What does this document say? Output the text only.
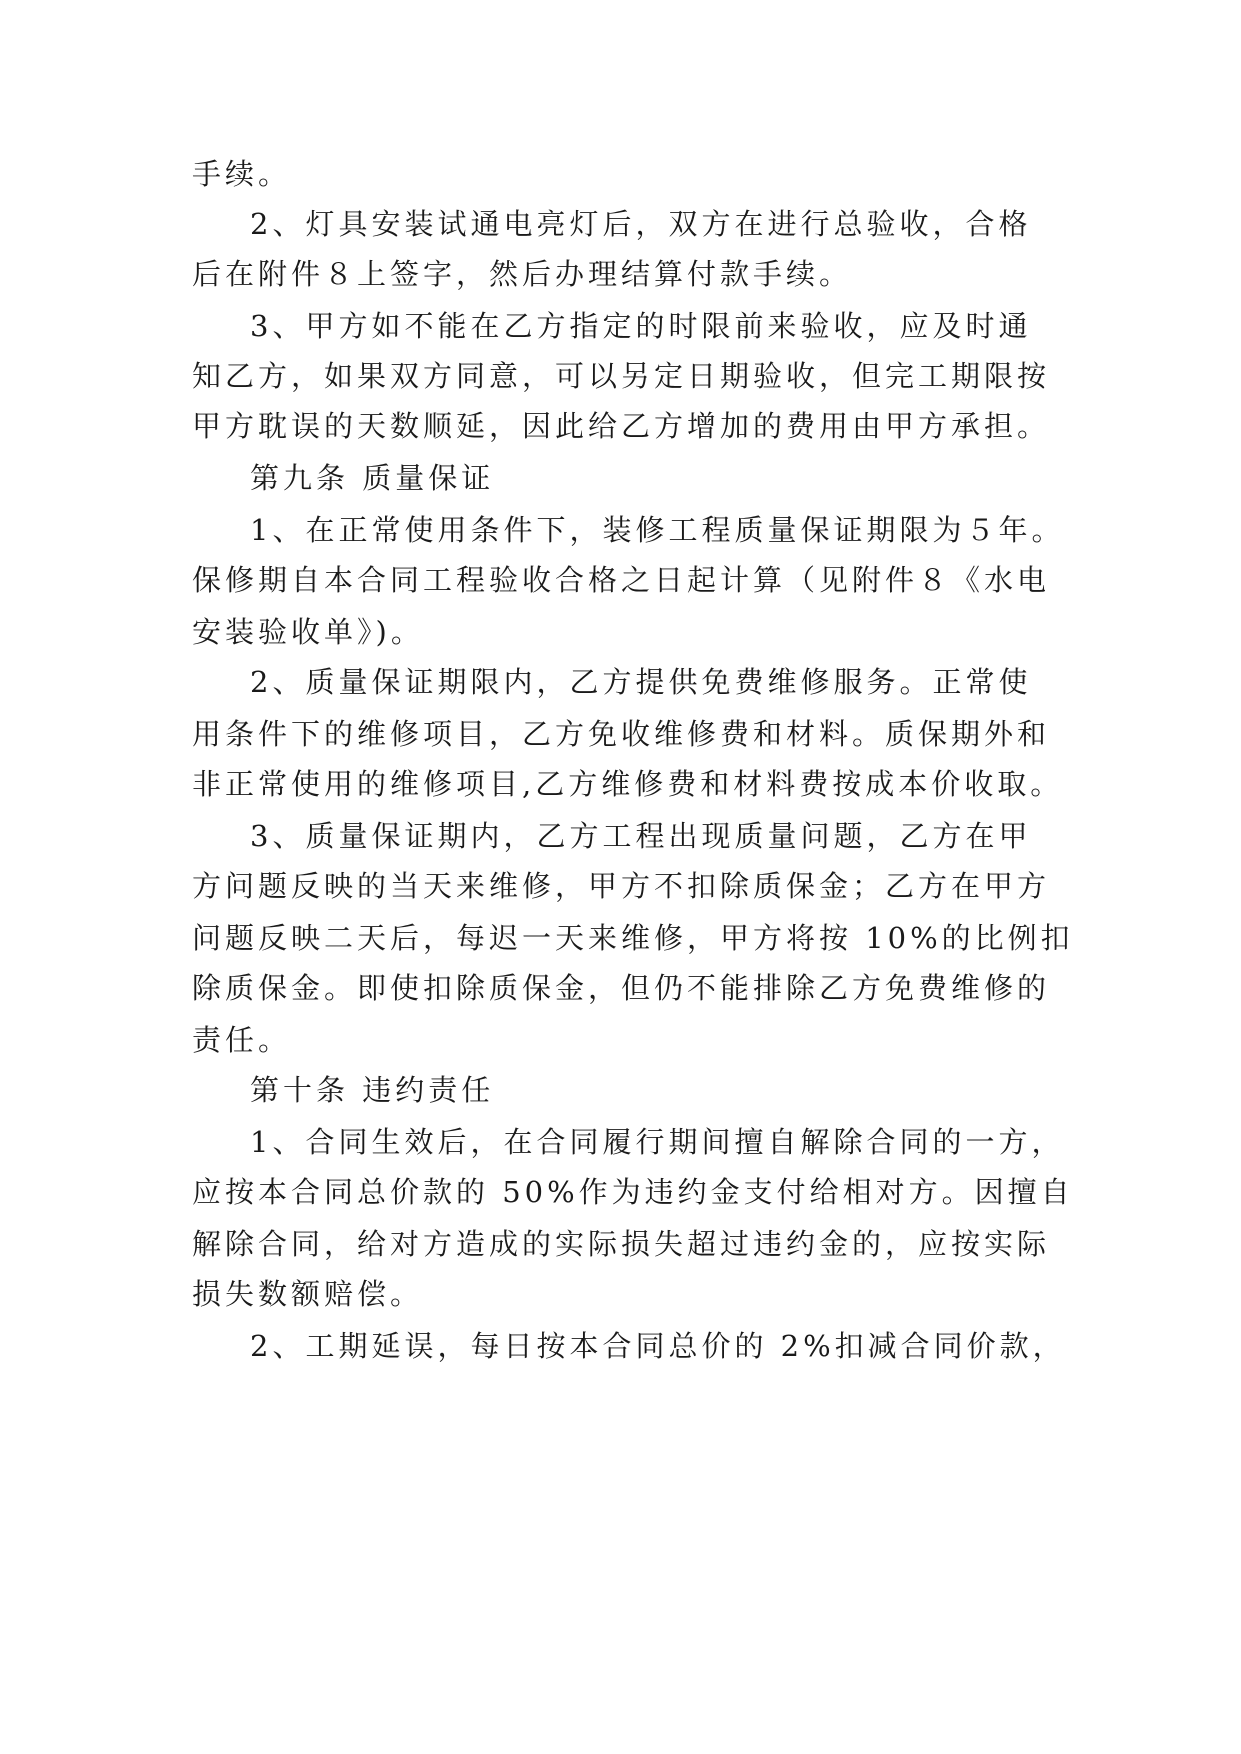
手续。
2、灯具安装试通电亮灯后，双方在进行总验收，合格
后在附件８上签字，然后办理结算付款手续。
3、甲方如不能在乙方指定的时限前来验收，应及时通
知乙方，如果双方同意，可以另定日期验收，但完工期限按
甲方耽误的天数顺延，因此给乙方增加的费用由甲方承担。
第九条 质量保证
1、在正常使用条件下，装修工程质量保证期限为５年。
保修期自本合同工程验收合格之日起计算（见附件８《水电
安装验收单》)。
2、质量保证期限内，乙方提供免费维修服务。正常使
用条件下的维修项目，乙方免收维修费和材料。质保期外和
非正常使用的维修项目,乙方维修费和材料费按成本价收取。
3、质量保证期内，乙方工程出现质量问题，乙方在甲
方问题反映的当天来维修，甲方不扣除质保金；乙方在甲方
问题反映二天后，每迟一天来维修，甲方将按 10%的比例扣
除质保金。即使扣除质保金，但仍不能排除乙方免费维修的
责任。
第十条 违约责任
1、合同生效后，在合同履行期间擅自解除合同的一方，
应按本合同总价款的 50%作为违约金支付给相对方。因擅自
解除合同，给对方造成的实际损失超过违约金的，应按实际
损失数额赔偿。
2、工期延误，每日按本合同总价的 2%扣减合同价款，
